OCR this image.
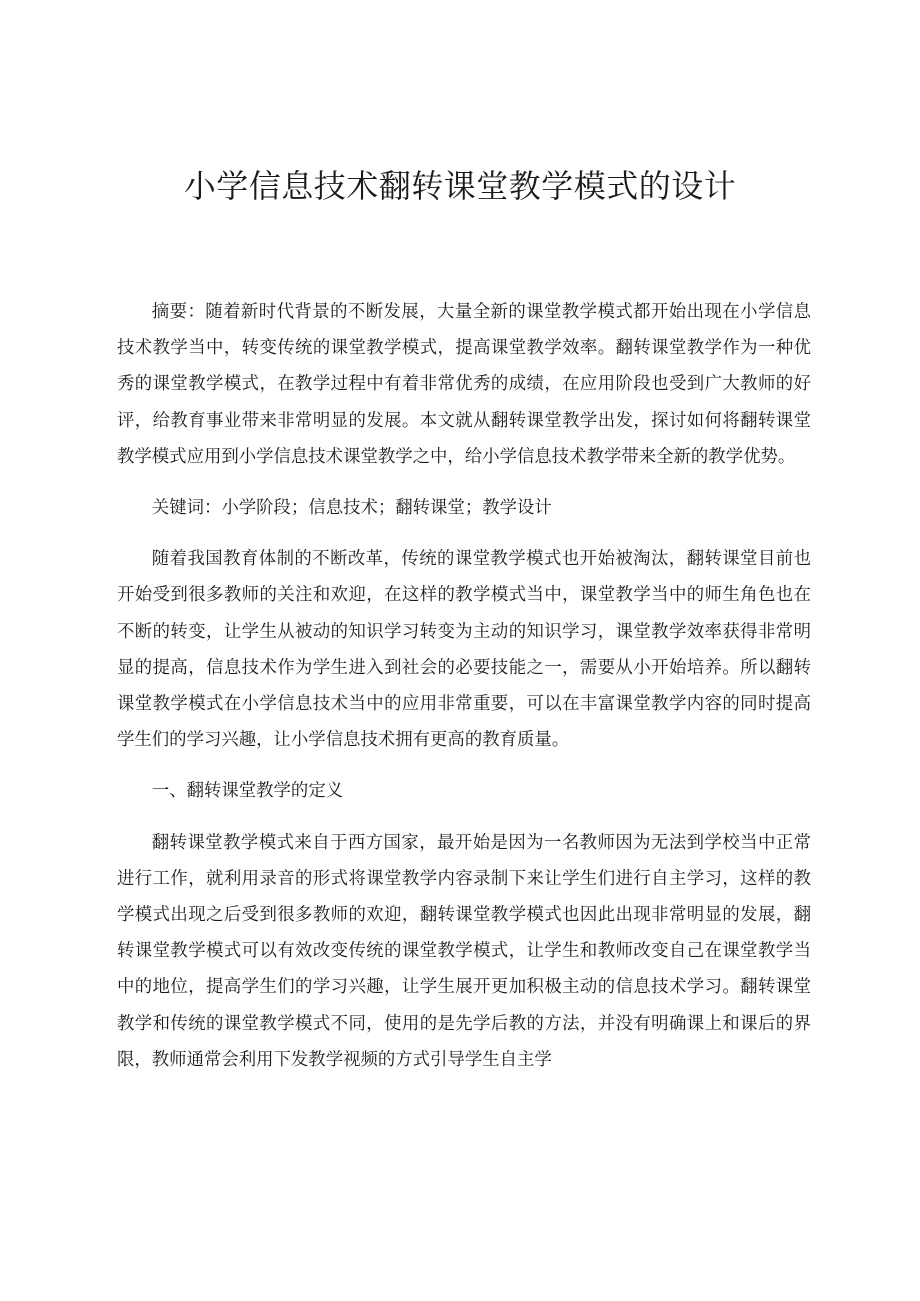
小学信息技术翻转课堂教学模式的设计

摘要：随着新时代背景的不断发展，大量全新的课堂教学模式都开始出现在小学信息技术教学当中，转变传统的课堂教学模式，提高课堂教学效率。翻转课堂教学作为一种优秀的课堂教学模式，在教学过程中有着非常优秀的成绩，在应用阶段也受到广大教师的好评，给教育事业带来非常明显的发展。本文就从翻转课堂教学出发，探讨如何将翻转课堂教学模式应用到小学信息技术课堂教学之中，给小学信息技术教学带来全新的教学优势。

关键词：小学阶段；信息技术；翻转课堂；教学设计

随着我国教育体制的不断改革，传统的课堂教学模式也开始被淘汰，翻转课堂目前也开始受到很多教师的关注和欢迎，在这样的教学模式当中，课堂教学当中的师生角色也在不断的转变，让学生从被动的知识学习转变为主动的知识学习，课堂教学效率获得非常明显的提高，信息技术作为学生进入到社会的必要技能之一，需要从小开始培养。所以翻转课堂教学模式在小学信息技术当中的应用非常重要，可以在丰富课堂教学内容的同时提高学生们的学习兴趣，让小学信息技术拥有更高的教育质量。

一、翻转课堂教学的定义

翻转课堂教学模式来自于西方国家，最开始是因为一名教师因为无法到学校当中正常进行工作，就利用录音的形式将课堂教学内容录制下来让学生们进行自主学习，这样的教学模式出现之后受到很多教师的欢迎，翻转课堂教学模式也因此出现非常明显的发展，翻转课堂教学模式可以有效改变传统的课堂教学模式，让学生和教师改变自己在课堂教学当中的地位，提高学生们的学习兴趣，让学生展开更加积极主动的信息技术学习。翻转课堂教学和传统的课堂教学模式不同，使用的是先学后教的方法，并没有明确课上和课后的界限，教师通常会利用下发教学视频的方式引导学生自主学
